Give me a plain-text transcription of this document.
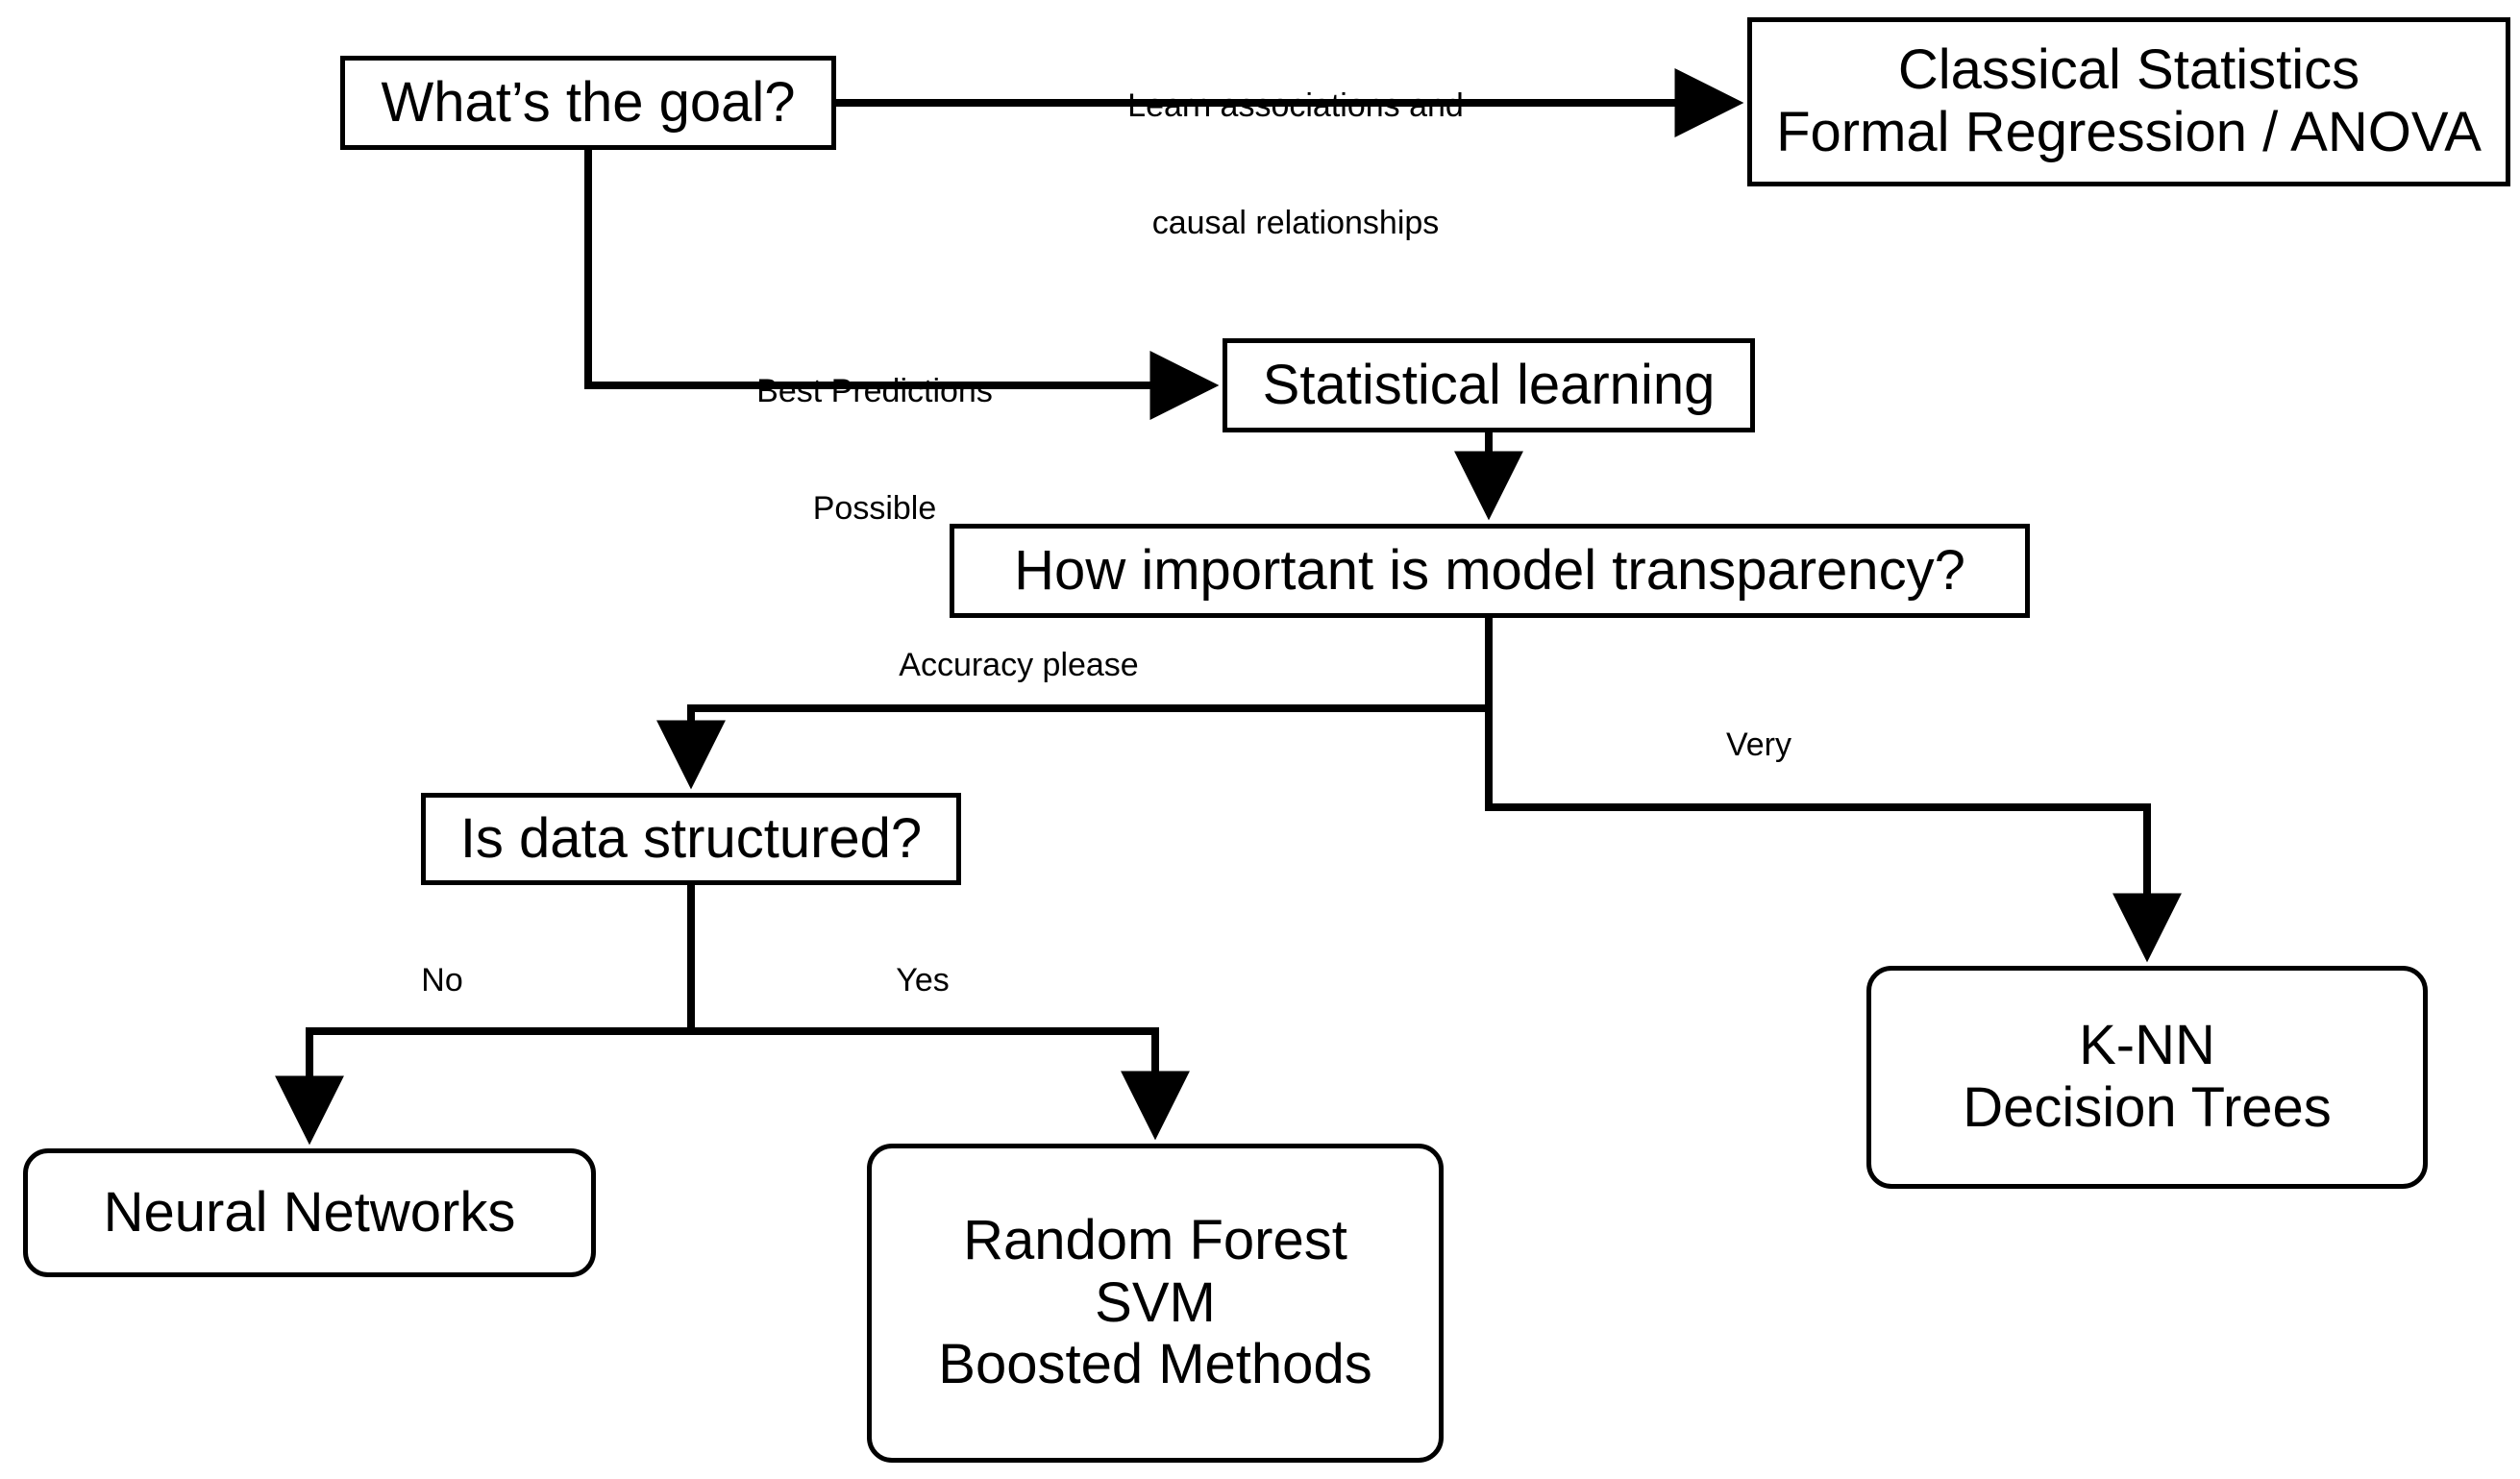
What’s the goal?
Classical Statistics
Formal Regression / ANOVA
Statistical learning
How important is model transparency?
Is data structured?
K-NN
Decision Trees
Neural Networks	Random Forest
SVM
Boosted Methods

Learn associations and

causal relationships

Best Predictions

Possible

Accuracy please
Very
No	Yes
